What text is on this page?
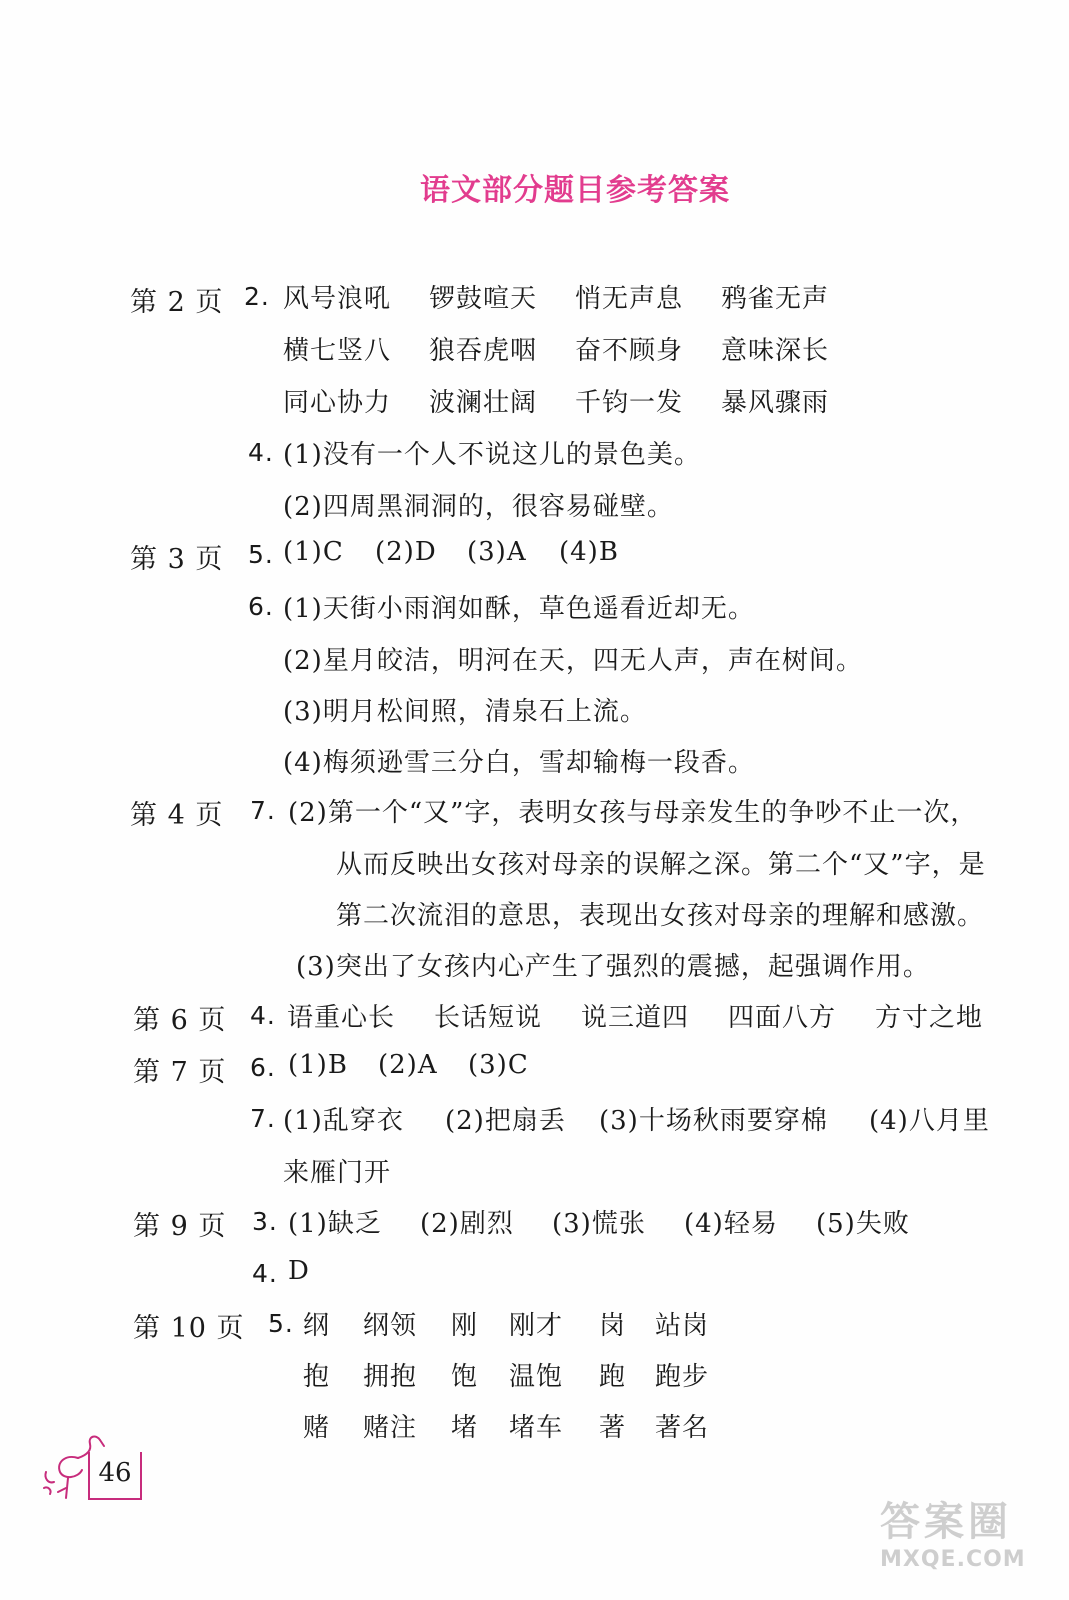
语文部分题目参考答案
第 2 页 2. 风号浪吼 锣鼓喧天 悄无声息 鸦雀无声
横七竖八 狼吞虎咽 奋不顾身 意味深长
同心协力 波澜壮阔 千钧一发 暴风骤雨
4. (1)没有一个人不说这儿的景色美。
(2)四周黑洞洞的，很容易碰壁。
第 3 页 5. (1)C (2)D (3)A (4)B
6. (1)天街小雨润如酥，草色遥看近却无。
(2)星月皎洁，明河在天，四无人声，声在树间。
(3)明月松间照，清泉石上流。
(4)梅须逊雪三分白，雪却输梅一段香。
第 4 页 7. (2)第一个“又”字，表明女孩与母亲发生的争吵不止一次，
从而反映出女孩对母亲的误解之深。第二个“又”字，是
第二次流泪的意思，表现出女孩对母亲的理解和感激。
(3)突出了女孩内心产生了强烈的震撼，起强调作用。
第 6 页 4. 语重心长 长话短说 说三道四 四面八方 方寸之地
第 7 页 6. (1)B (2)A (3)C
7. (1)乱穿衣 (2)把扇丢 (3)十场秋雨要穿棉 (4)八月里
来雁门开
第 9 页 3. (1)缺乏 (2)剧烈 (3)慌张 (4)轻易 (5)失败
4. D
第 10 页 5. 纲 纲领 刚 刚才 岗 站岗
抱 拥抱 饱 温饱 跑 跑步
赌 赌注 堵 堵车 著 著名
46
答案圈
MXQE.COM
